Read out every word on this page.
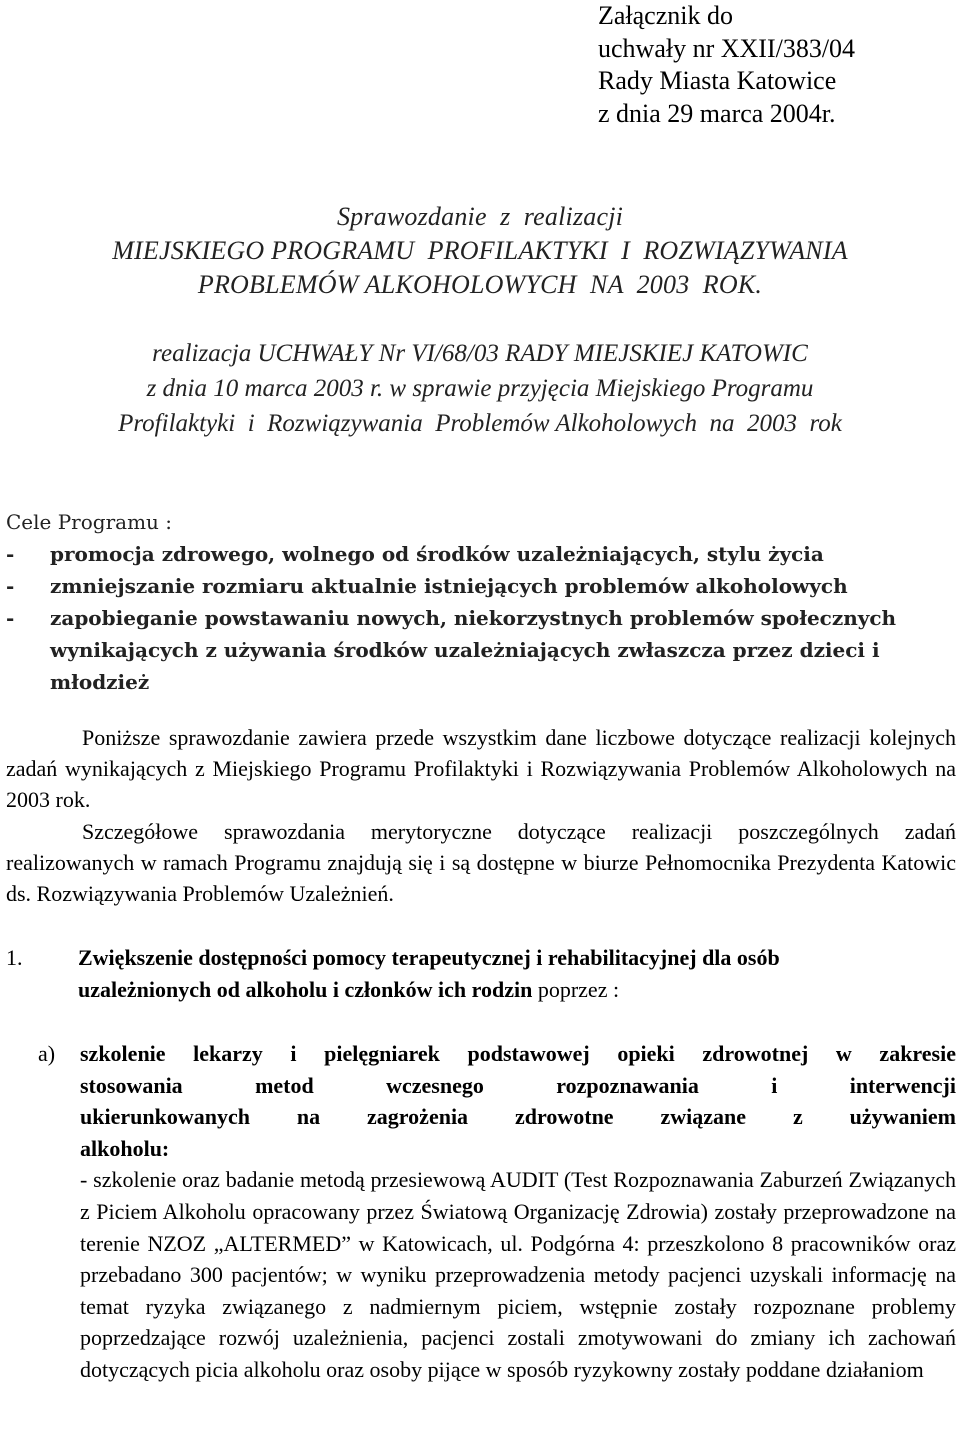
Załącznik do
uchwały nr XXII/383/04
Rady Miasta Katowice
z dnia 29 marca 2004r.
Sprawozdanie  z  realizacji
MIEJSKIEGO PROGRAMU  PROFILAKTYKI  I  ROZWIĄZYWANIA
PROBLEMÓW ALKOHOLOWYCH  NA  2003  ROK.
realizacja UCHWAŁY Nr VI/68/03 RADY MIEJSKIEJ KATOWIC
z dnia 10 marca 2003 r. w sprawie przyjęcia Miejskiego Programu
Profilaktyki  i  Rozwiązywania  Problemów Alkoholowych  na  2003  rok
Cele Programu :
-	promocja zdrowego, wolnego od środków uzależniających, stylu życia
-	zmniejszanie rozmiaru aktualnie istniejących problemów alkoholowych
-	zapobieganie powstawaniu nowych, niekorzystnych problemów społecznych
wynikających z używania środków uzależniających zwłaszcza przez dzieci i
młodzież

Poniższe sprawozdanie zawiera przede wszystkim dane liczbowe dotyczące realizacji kolejnych zadań wynikających z Miejskiego Programu Profilaktyki i Rozwiązywania Problemów Alkoholowych na 2003 rok.

Szczegółowe sprawozdania merytoryczne dotyczące realizacji poszczególnych zadań realizowanych w ramach Programu znajdują się i są dostępne w biurze Pełnomocnika Prezydenta Katowic ds. Rozwiązywania Problemów Uzależnień.

1.	Zwiększenie dostępności pomocy terapeutycznej i rehabilitacyjnej dla osób
uzależnionych od alkoholu i członków ich rodzin poprzez :
a)	szkolenie lekarzy i pielęgniarek podstawowej opieki zdrowotnej w zakresie
stosowania metod wczesnego rozpoznawania i interwencji
ukierunkowanych na zagrożenia zdrowotne związane z używaniem
alkoholu:
- szkolenie oraz badanie metodą przesiewową AUDIT (Test Rozpoznawania Zaburzeń Związanych z Piciem Alkoholu opracowany przez Światową Organizację Zdrowia) zostały przeprowadzone na terenie NZOZ „ALTERMED” w Katowicach, ul. Podgórna 4: przeszkolono 8 pracowników oraz przebadano 300 pacjentów; w wyniku przeprowadzenia metody pacjenci uzyskali informację na temat ryzyka związanego z nadmiernym piciem, wstępnie zostały rozpoznane problemy poprzedzające rozwój uzależnienia, pacjenci zostali zmotywowani do zmiany ich zachowań dotyczących picia alkoholu oraz osoby pijące w sposób ryzykowny zostały poddane działaniom
